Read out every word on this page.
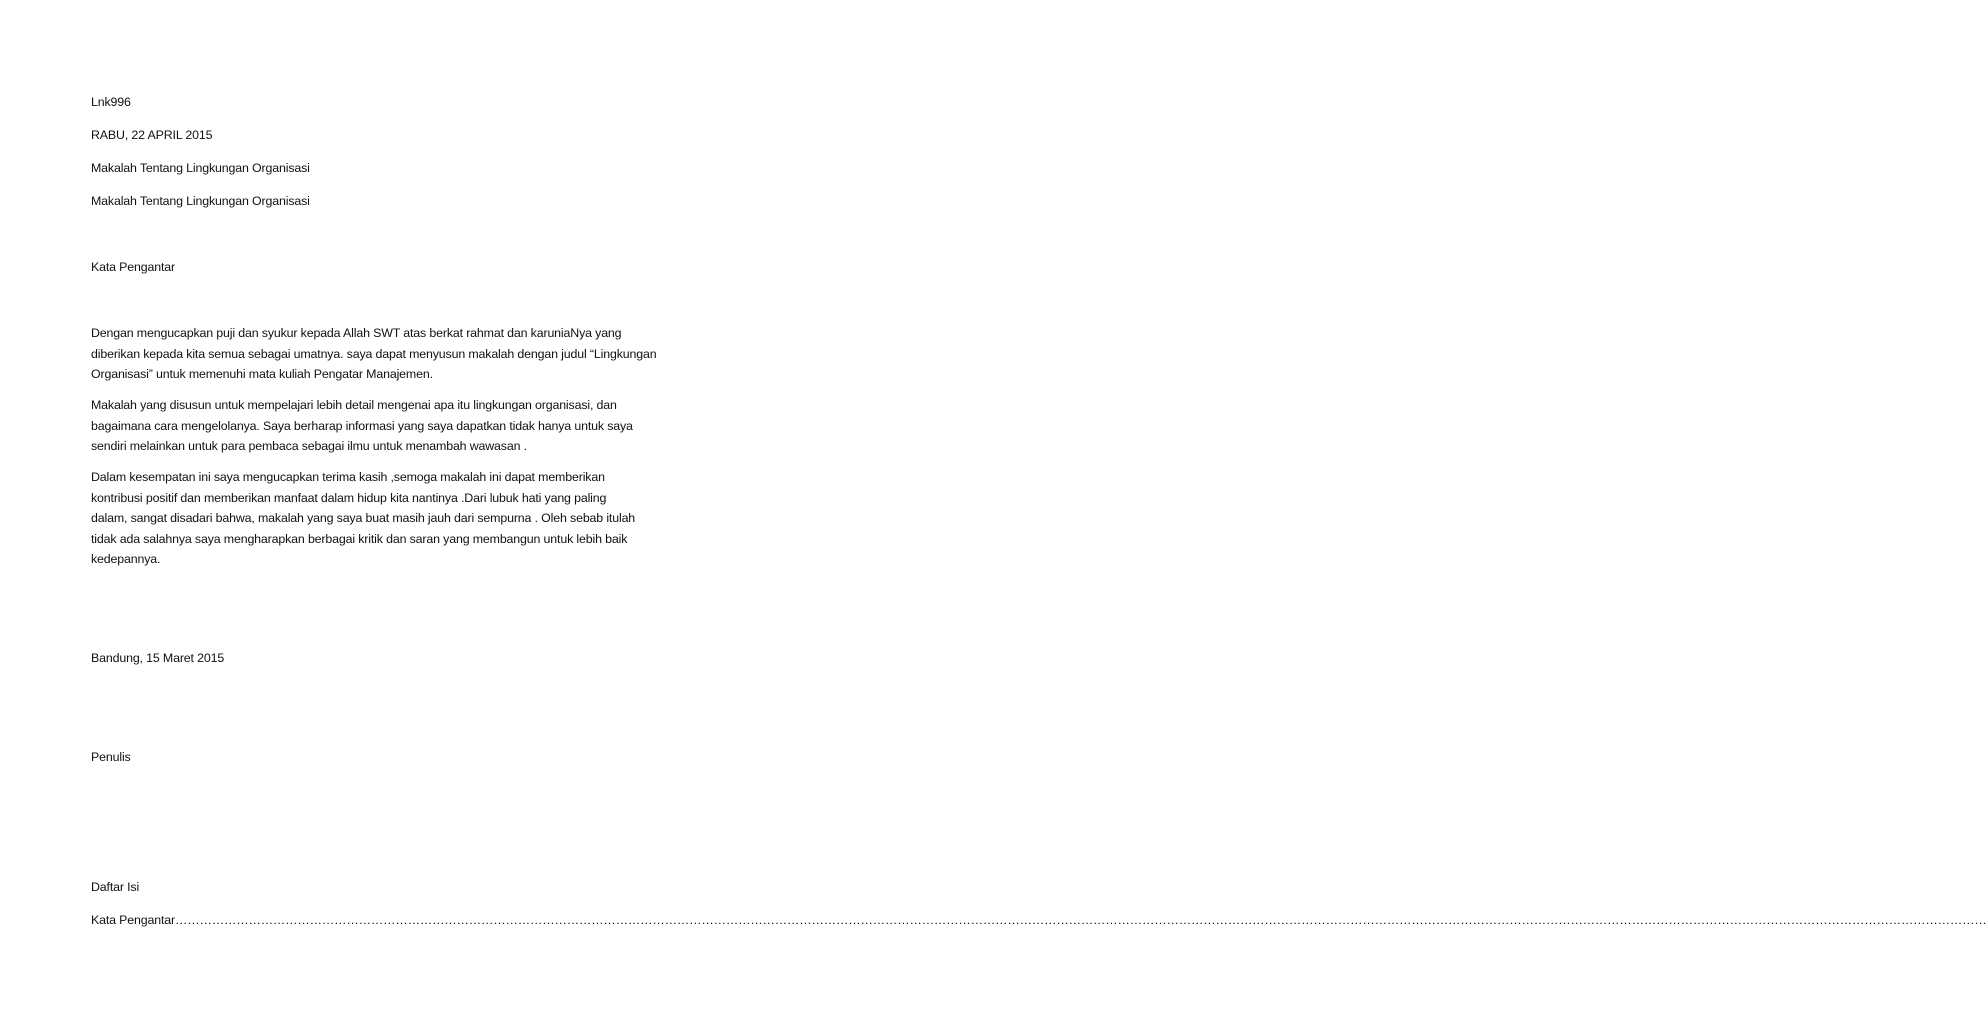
Lnk996
RABU, 22 APRIL 2015
Makalah Tentang Lingkungan Organisasi
Makalah Tentang Lingkungan Organisasi
Kata Pengantar
Dengan mengucapkan puji dan syukur kepada Allah SWT atas berkat rahmat dan karuniaNya yang
diberikan kepada kita semua sebagai umatnya. saya dapat menyusun makalah dengan judul “Lingkungan
Organisasi” untuk memenuhi mata kuliah Pengatar Manajemen.
Makalah yang disusun untuk mempelajari lebih detail mengenai apa itu lingkungan organisasi, dan
bagaimana cara mengelolanya. Saya berharap informasi yang saya dapatkan tidak hanya untuk saya
sendiri melainkan untuk para pembaca sebagai ilmu untuk menambah wawasan .
Dalam kesempatan ini saya mengucapkan terima kasih ,semoga makalah ini dapat memberikan
kontribusi positif dan memberikan manfaat dalam hidup kita nantinya .Dari lubuk hati yang paling
dalam, sangat disadari bahwa, makalah yang saya buat masih jauh dari sempurna . Oleh sebab itulah
tidak ada salahnya saya mengharapkan berbagai kritik dan saran yang membangun untuk lebih baik
kedepannya.
Bandung, 15 Maret 2015
Penulis
Daftar Isi
Kata Pengantar…………………………………………………………………………………………………………………………………………………………………………………………………………………………………………………………………………………………………………………………………………………………………………………………………………
